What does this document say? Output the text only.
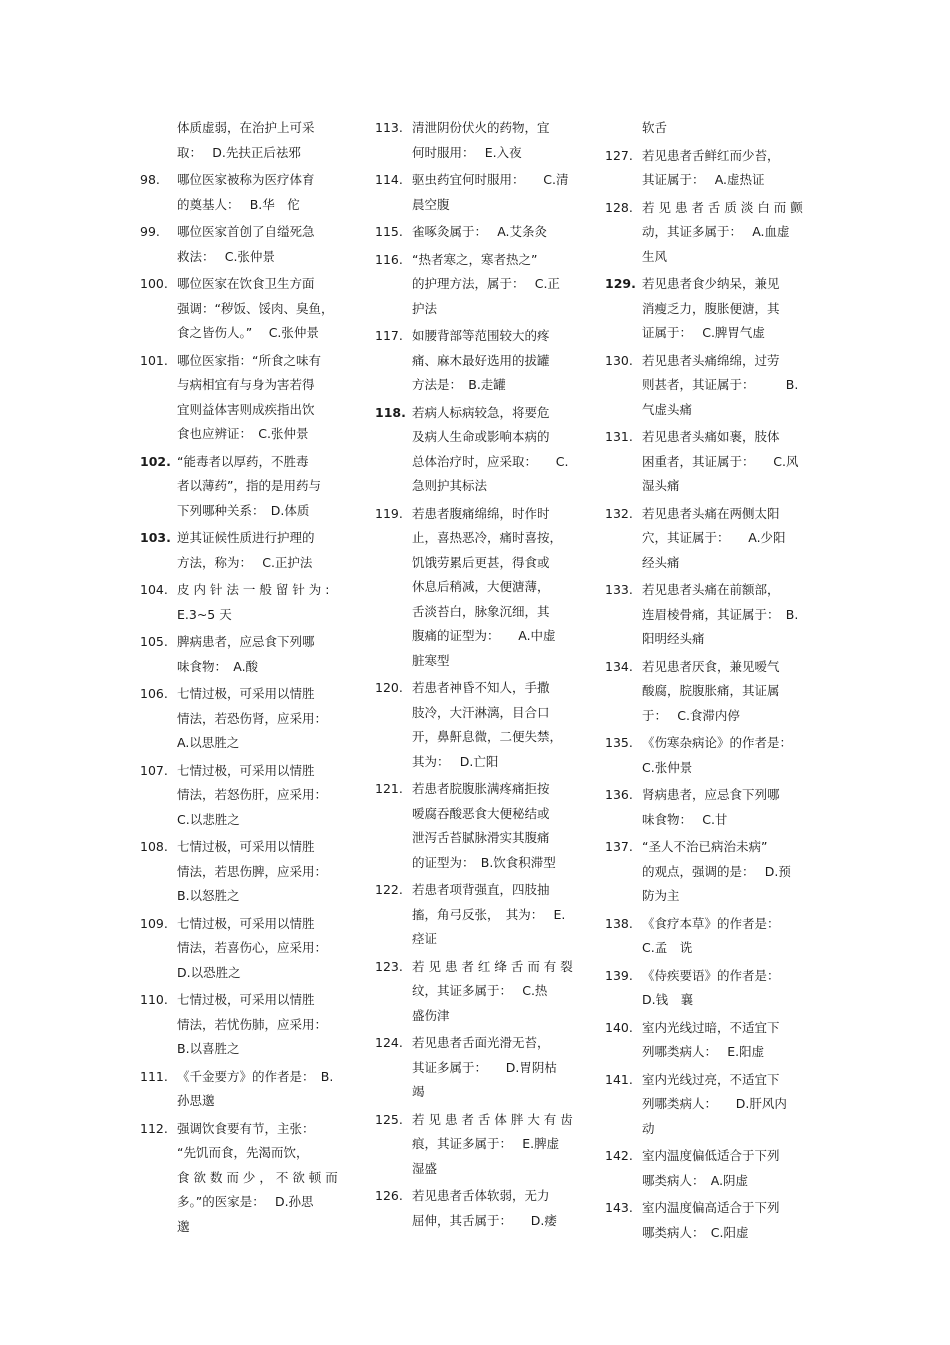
体质虚弱，在治护上可采
取：　 D.先扶正后祛邪
98.	哪位医家被称为医疗体育
的奠基人：　 B.华　佗
99.	哪位医家首创了自缢死急
救法：　 C.张仲景
100. 哪位医家在饮食卫生方面
强调：“秽饭、馁肉、臭鱼，
食之皆伤人。”　 C.张仲景
101. 哪位医家指：“所食之味有
与病相宜有与身为害若得
宜则益体害则成疾指出饮
食也应辨证：　C.张仲景
102. “能毒者以厚药，不胜毒
者以薄药”，指的是用药与
下列哪种关系：　D.体质
103. 逆其证候性质进行护理的
方法，称为：　 C.正护法
104. 皮 内 针 法 一 般 留 针 为 :
E.3~5 天
105. 脾病患者，应忌食下列哪
味食物：　A.酸
106. 七情过极，可采用以情胜
情法，若恐伤肾，应采用：
A.以思胜之
107. 七情过极，可采用以情胜
情法，若怒伤肝，应采用：
C.以悲胜之
108. 七情过极，可采用以情胜
情法，若思伤脾，应采用：
B.以怒胜之
109. 七情过极，可采用以情胜
情法，若喜伤心，应采用：
D.以恐胜之
110. 七情过极，可采用以情胜
情法，若忧伤肺，应采用：
B.以喜胜之
111. 《千金要方》的作者是：　B.
孙思邈
112. 强调饮食要有节，主张：
“先饥而食，先渴而饮，
食 欲 数 而 少 ， 不 欲 顿 而
多。”的医家是：　 D.孙思
邈
113. 清泄阴份伏火的药物，宜
何时服用：　 E.入夜
114. 驱虫药宜何时服用：　　C.清
晨空腹
115. 雀啄灸属于：　 A.艾条灸
116. “热者寒之，寒者热之”
的护理方法，属于：　 C.正
护法
117. 如腰背部等范围较大的疼
痛、麻木最好选用的拔罐
方法是：　B.走罐
118. 若病人标病较急，将要危
及病人生命或影响本病的
总体治疗时，应采取：　　C.
急则护其标法
119. 若患者腹痛绵绵，时作时
止，喜热恶冷，痛时喜按，
饥饿劳累后更甚，得食或
休息后稍减，大便溏薄，
舌淡苔白，脉象沉细，其
腹痛的证型为：　　A.中虚
脏寒型
120. 若患者神昏不知人，手撒
肢冷，大汗淋漓，目合口
开，鼻鼾息微，二便失禁，
其为：　 D.亡阳
121. 若患者脘腹胀满疼痛拒按
嗳腐吞酸恶食大便秘结或
泄泻舌苔腻脉滑实其腹痛
的证型为：　B.饮食积滞型
122. 若患者项背强直，四肢抽
搐，角弓反张，　其为：　 E.
痉证
123. 若 见 患 者 红 绛 舌 而 有 裂
纹，其证多属于：　 C.热
盛伤津
124. 若见患者舌面光滑无苔，
其证多属于：　　D.胃阴枯
竭
125. 若 见 患 者 舌 体 胖 大 有 齿
痕，其证多属于：　 E.脾虚
湿盛
126. 若见患者舌体软弱，无力
屈伸，其舌属于：　　D.痿
软舌
127. 若见患者舌鲜红而少苔，
其证属于：　 A.虚热证
128. 若 见 患 者 舌 质 淡 白 而 颤
动，其证多属于：　 A.血虚
生风
129. 若见患者食少纳呆，兼见
消瘦乏力，腹胀便溏，其
证属于：　 C.脾胃气虚
130. 若见患者头痛绵绵，过劳
则甚者，其证属于：　　　B.
气虚头痛
131. 若见患者头痛如裹，肢体
困重者，其证属于：　　C.风
湿头痛
132. 若见患者头痛在两侧太阳
穴，其证属于：　　A.少阳
经头痛
133. 若见患者头痛在前额部，
连眉棱骨痛，其证属于：　B.
阳明经头痛
134. 若见患者厌食，兼见嗳气
酸腐，脘腹胀痛，其证属
于：　 C.食滞内停
135. 《伤寒杂病论》的作者是：
C.张仲景
136. 肾病患者，应忌食下列哪
味食物：　 C.甘
137. “圣人不治已病治未病”
的观点，强调的是：　 D.预
防为主
138. 《食疗本草》的作者是：
C.孟　诜
139. 《侍疾要语》的作者是：
D.钱　襄
140. 室内光线过暗，不适宜下
列哪类病人：　 E.阳虚
141. 室内光线过亮，不适宜下
列哪类病人：　　D.肝风内
动
142. 室内温度偏低适合于下列
哪类病人：　A.阴虚
143. 室内温度偏高适合于下列
哪类病人：　C.阳虚
